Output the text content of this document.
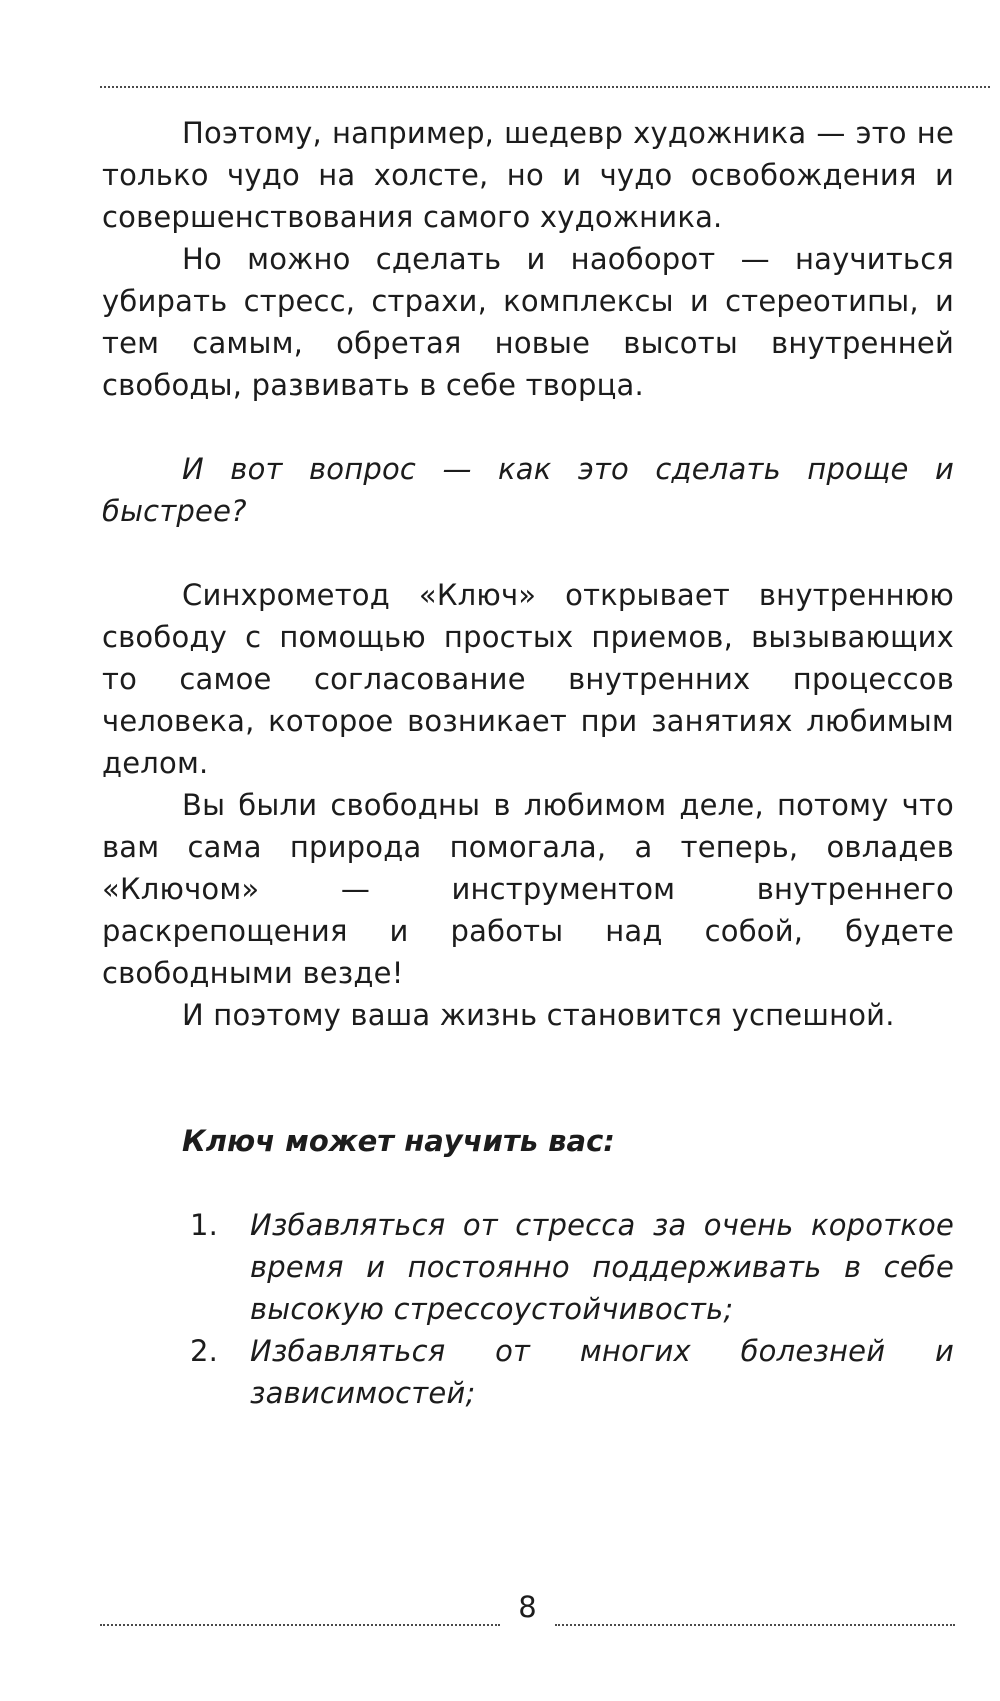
Поэтому, например, шедевр художника — это не только чудо на холсте, но и чудо освобождения и совершенствования самого художника.

Но можно сделать и наоборот — научиться убирать стресс, страхи, комплексы и стереотипы, и тем самым, обретая новые высоты внутренней свободы, развивать в себе творца.

И вот вопрос — как это сделать проще и быстрее?

Синхрометод «Ключ» открывает внутреннюю свободу с помощью простых приемов, вызывающих то самое согласование внутренних процессов человека, которое возникает при занятиях любимым делом.

Вы были свободны в любимом деле, потому что вам сама природа помогала, а теперь, овладев «Ключом» — инструментом внутреннего раскрепощения и работы над собой, будете свободными везде!

И поэтому ваша жизнь становится успешной.

Ключ может научить вас:
1. Избавляться от стресса за очень короткое время и постоянно поддерживать в себе высокую стрессоустойчивость;
2. Избавляться от многих болезней и зависимостей;
8
